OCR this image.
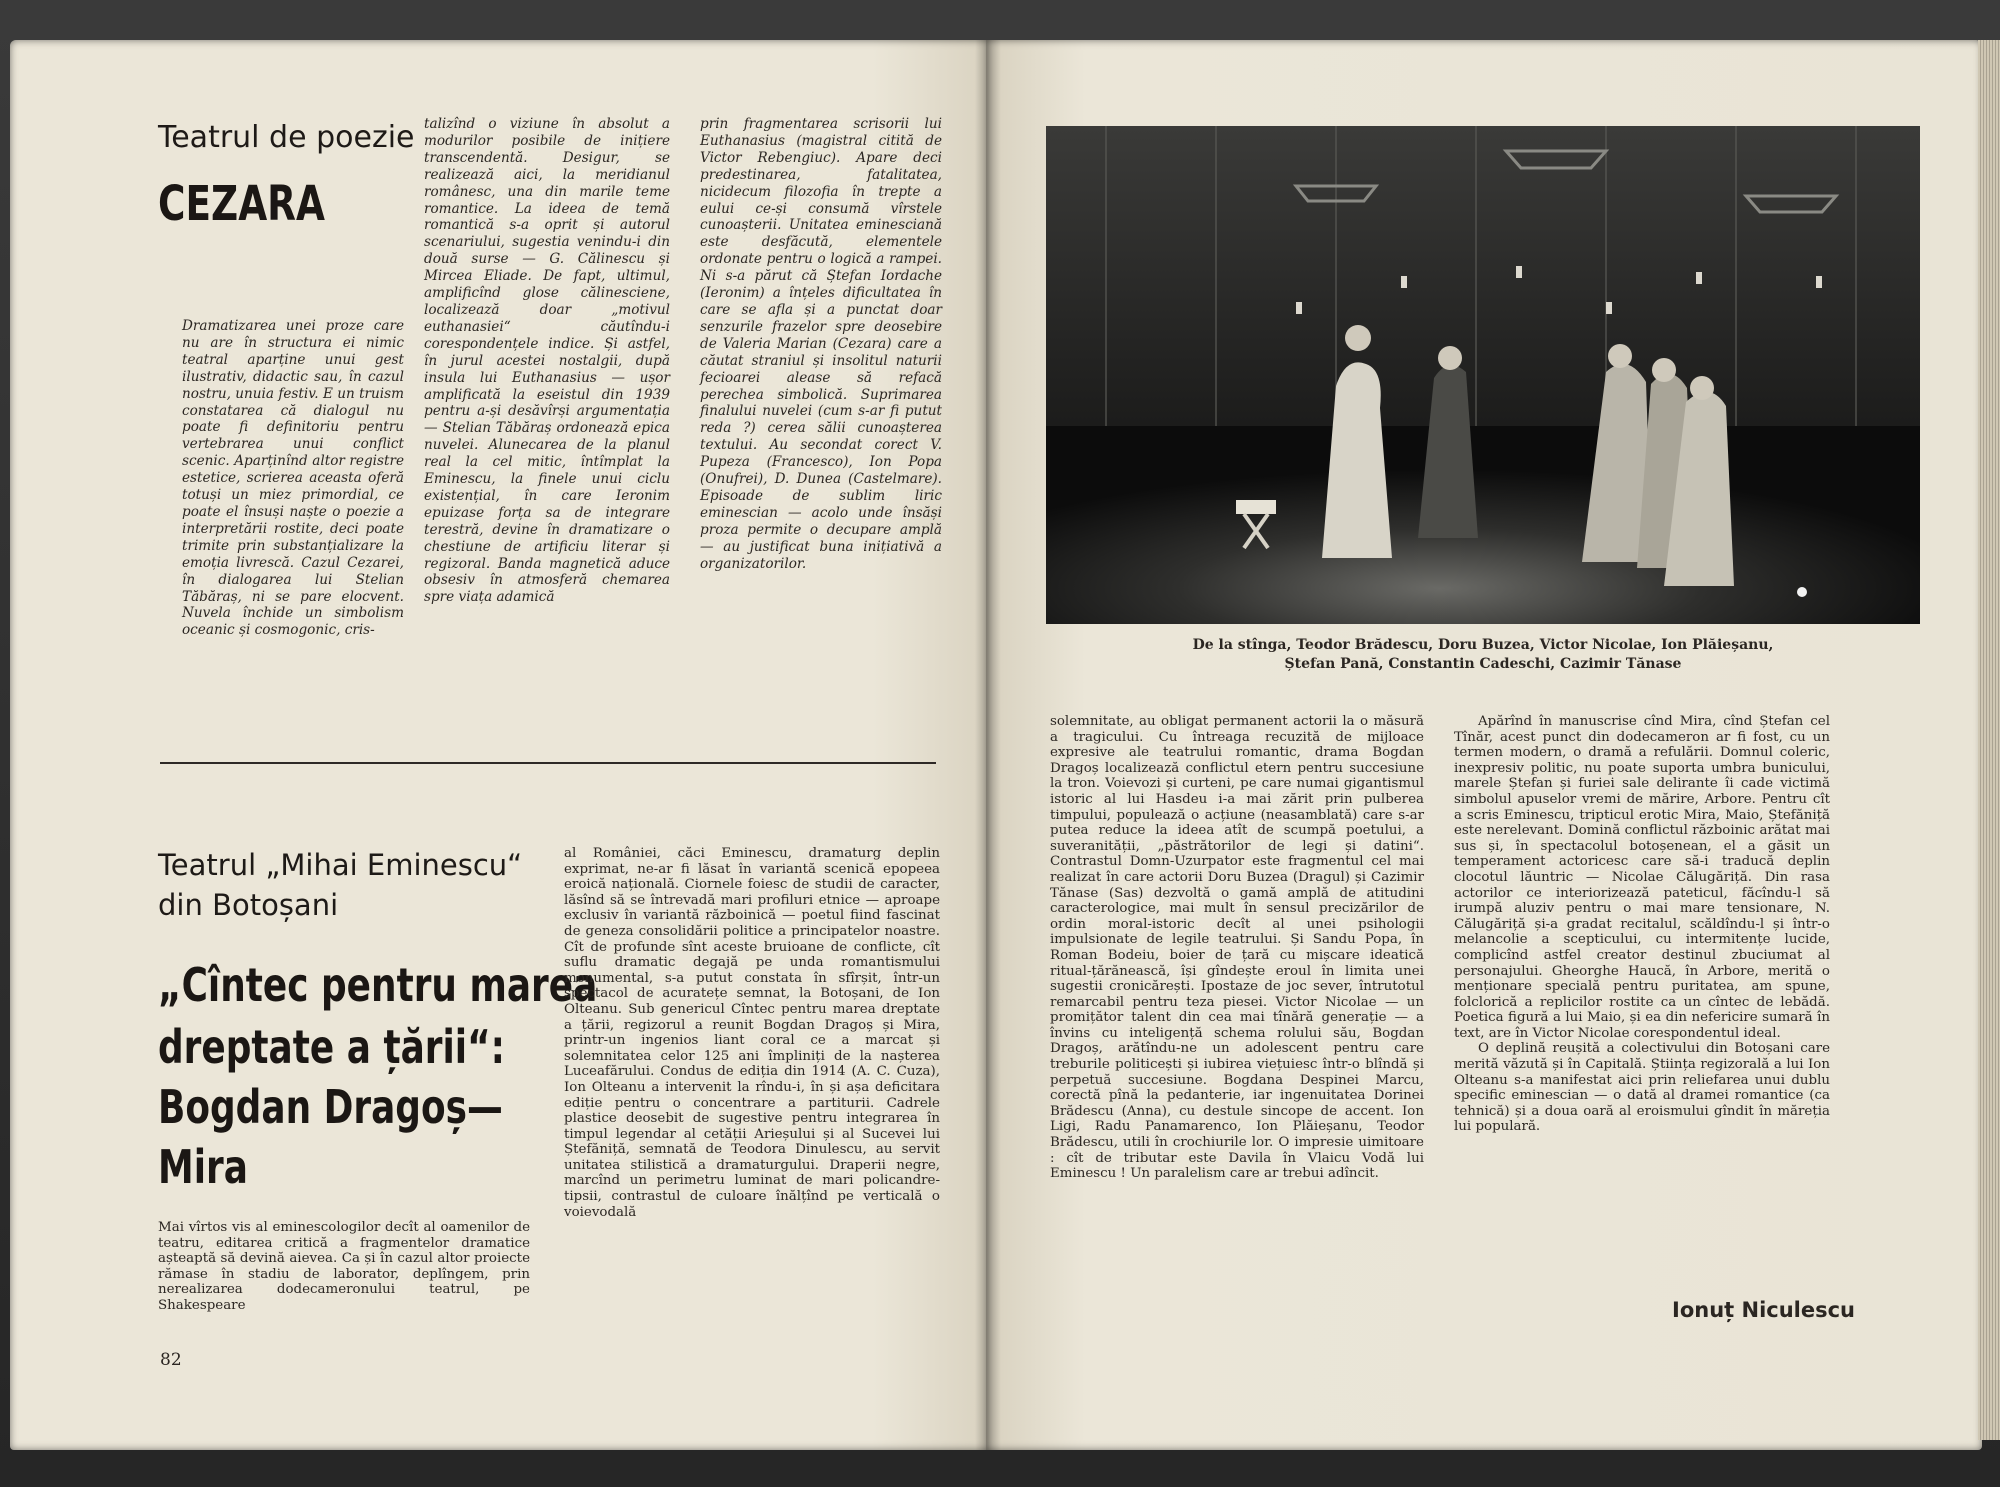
Teatrul de poezie
CEZARA
Dramatizarea unei proze care nu are în structura ei nimic teatral aparține unui gest ilustrativ, didactic sau, în cazul nostru, unuia festiv. E un truism constatarea că dialogul nu poate fi definitoriu pentru vertebrarea unui conflict scenic. Aparținînd altor registre estetice, scrierea aceasta oferă totuși un miez primordial, ce poate el însuși naște o poezie a interpretării rostite, deci poate trimite prin substanțializare la emoția livrescă. Cazul Cezarei, în dialogarea lui Stelian Tăbăraș, ni se pare elocvent. Nuvela închide un simbolism oceanic și cosmogonic, cris-
talizînd o viziune în absolut a modurilor posibile de inițiere transcendentă. Desigur, se realizează aici, la meridianul românesc, una din marile teme romantice. La ideea de temă romantică s-a oprit și autorul scenariului, sugestia venindu-i din două surse — G. Călinescu și Mircea Eliade. De fapt, ultimul, amplificînd glose călinesciene, localizează doar „motivul euthanasiei“ căutîndu-i corespondențele indice. Și astfel, în jurul acestei nostalgii, după insula lui Euthanasius — ușor amplificată la eseistul din 1939 pentru a-și desăvîrși argumentația — Stelian Tăbăraș ordonează epica nuvelei. Alunecarea de la planul real la cel mitic, întîmplat la Eminescu, la finele unui ciclu existențial, în care Ieronim epuizase forța sa de integrare terestră, devine în dramatizare o chestiune de artificiu literar și regizoral. Banda magnetică aduce obsesiv în atmosferă chemarea spre viața adamică
prin fragmentarea scrisorii lui Euthanasius (magistral citită de Victor Rebengiuc). Apare deci predestinarea, fatalitatea, nicidecum filozofia în trepte a eului ce-și consumă vîrstele cunoașterii. Unitatea eminesciană este desfăcută, elementele ordonate pentru o logică a rampei. Ni s-a părut că Ștefan Iordache (Ieronim) a înțeles dificultatea în care se afla și a punctat doar senzurile frazelor spre deosebire de Valeria Marian (Cezara) care a căutat straniul și insolitul naturii fecioarei alease să refacă perechea simbolică. Suprimarea finalului nuvelei (cum s-ar fi putut reda ?) cerea sălii cunoașterea textului. Au secondat corect V. Pupeza (Francesco), Ion Popa (Onufrei), D. Dunea (Castelmare). Episoade de sublim liric eminescian — acolo unde însăși proza permite o decupare amplă — au justificat buna inițiativă a organizatorilor.
Teatrul „Mihai Eminescu“
din Botoșani
„Cîntec pentru marea
dreptate a țării“:
Bogdan Dragoș—
Mira
Mai vîrtos vis al eminescologilor decît al oamenilor de teatru, editarea critică a fragmentelor dramatice așteaptă să devină aievea. Ca și în cazul altor proiecte rămase în stadiu de laborator, deplîngem, prin nerealizarea dodecameronului teatrul, pe Shakespeare
al României, căci Eminescu, dramaturg deplin exprimat, ne-ar fi lăsat în variantă scenică epopeea eroică națională. Ciornele foiesc de studii de caracter, lăsînd să se întrevadă mari profiluri etnice — aproape exclusiv în variantă războinică — poetul fiind fascinat de geneza consolidării politice a principatelor noastre. Cît de profunde sînt aceste bruioane de conflicte, cît suflu dramatic degajă pe unda romantismului monumental, s-a putut constata în sfîrșit, într-un spectacol de acuratețe semnat, la Botoșani, de Ion Olteanu. Sub genericul Cîntec pentru marea dreptate a țării, regizorul a reunit Bogdan Dragoș și Mira, printr-un ingenios liant coral ce a marcat și solemnitatea celor 125 ani împliniți de la nașterea Luceafărului. Condus de ediția din 1914 (A. C. Cuza), Ion Olteanu a intervenit la rîndu-i, în și așa deficitara ediție pentru o concentrare a partiturii. Cadrele plastice deosebit de sugestive pentru integrarea în timpul legendar al cetății Arieșului și al Sucevei lui Ștefăniță, semnată de Teodora Dinulescu, au servit unitatea stilistică a dramaturgului. Draperii negre, marcînd un perimetru luminat de mari policandre-tipsii, contrastul de culoare înălțînd pe verticală o voievodală
82
De la stînga, Teodor Brădescu, Doru Buzea, Victor Nicolae, Ion Plăieșanu,
Ștefan Pană, Constantin Cadeschi, Cazimir Tănase
solemnitate, au obligat permanent actorii la o măsură a tragicului. Cu întreaga recuzită de mijloace expresive ale teatrului romantic, drama Bogdan Dragoș localizează conflictul etern pentru succesiune la tron. Voievozi și curteni, pe care numai gigantismul istoric al lui Hasdeu i-a mai zărit prin pulberea timpului, populează o acțiune (neasamblată) care s-ar putea reduce la ideea atît de scumpă poetului, a suveranității, „păstrătorilor de legi și datini“. Contrastul Domn-Uzurpator este fragmentul cel mai realizat în care actorii Doru Buzea (Dragul) și Cazimir Tănase (Sas) dezvoltă o gamă amplă de atitudini caracterologice, mai mult în sensul precizărilor de ordin moral-istoric decît al unei psihologii impulsionate de legile teatrului. Și Sandu Popa, în Roman Bodeiu, boier de țară cu mișcare ideatică ritual-țărănească, își gîndește eroul în limita unei sugestii cronicărești. Ipostaze de joc sever, întrutotul remarcabil pentru teza piesei. Victor Nicolae — un promițător talent din cea mai tînără generație — a învins cu inteligență schema rolului său, Bogdan Dragoș, arătîndu-ne un adolescent pentru care treburile politicești și iubirea viețuiesc într-o blîndă și perpetuă succesiune. Bogdana Despinei Marcu, corectă pînă la pedanterie, iar ingenuitatea Dorinei Brădescu (Anna), cu destule sincope de accent. Ion Ligi, Radu Panamarenco, Ion Plăieșanu, Teodor Brădescu, utili în crochiurile lor. O impresie uimitoare : cît de tributar este Davila în Vlaicu Vodă lui Eminescu ! Un paralelism care ar trebui adîncit.
Apărînd în manuscrise cînd Mira, cînd Ștefan cel Tînăr, acest punct din dodecameron ar fi fost, cu un termen modern, o dramă a refulării. Domnul coleric, inexpresiv politic, nu poate suporta umbra bunicului, marele Ștefan și furiei sale delirante îi cade victimă simbolul apuselor vremi de mărire, Arbore. Pentru cît a scris Eminescu, tripticul erotic Mira, Maio, Ștefăniță este nerelevant. Domină conflictul războinic arătat mai sus și, în spectacolul botoșenean, el a găsit un temperament actoricesc care să-i traducă deplin clocotul lăuntric — Nicolae Călugăriță. Din rasa actorilor ce interiorizează pateticul, făcîndu-l să irumpă aluziv pentru o mai mare tensionare, N. Călugăriță și-a gradat recitalul, scăldîndu-l și într-o melancolie a scepticului, cu intermitențe lucide, complicînd astfel creator destinul zbuciumat al personajului. Gheorghe Haucă, în Arbore, merită o menționare specială pentru puritatea, am spune, folclorică a replicilor rostite ca un cîntec de lebădă. Poetica figură a lui Maio, și ea din nefericire sumară în text, are în Victor Nicolae corespondentul ideal.
O deplină reușită a colectivului din Botoșani care merită văzută și în Capitală. Știința regizorală a lui Ion Olteanu s-a manifestat aici prin reliefarea unui dublu specific eminescian — o dată al dramei romantice (ca tehnică) și a doua oară al eroismului gîndit în măreția lui populară.
Ionuț Niculescu
